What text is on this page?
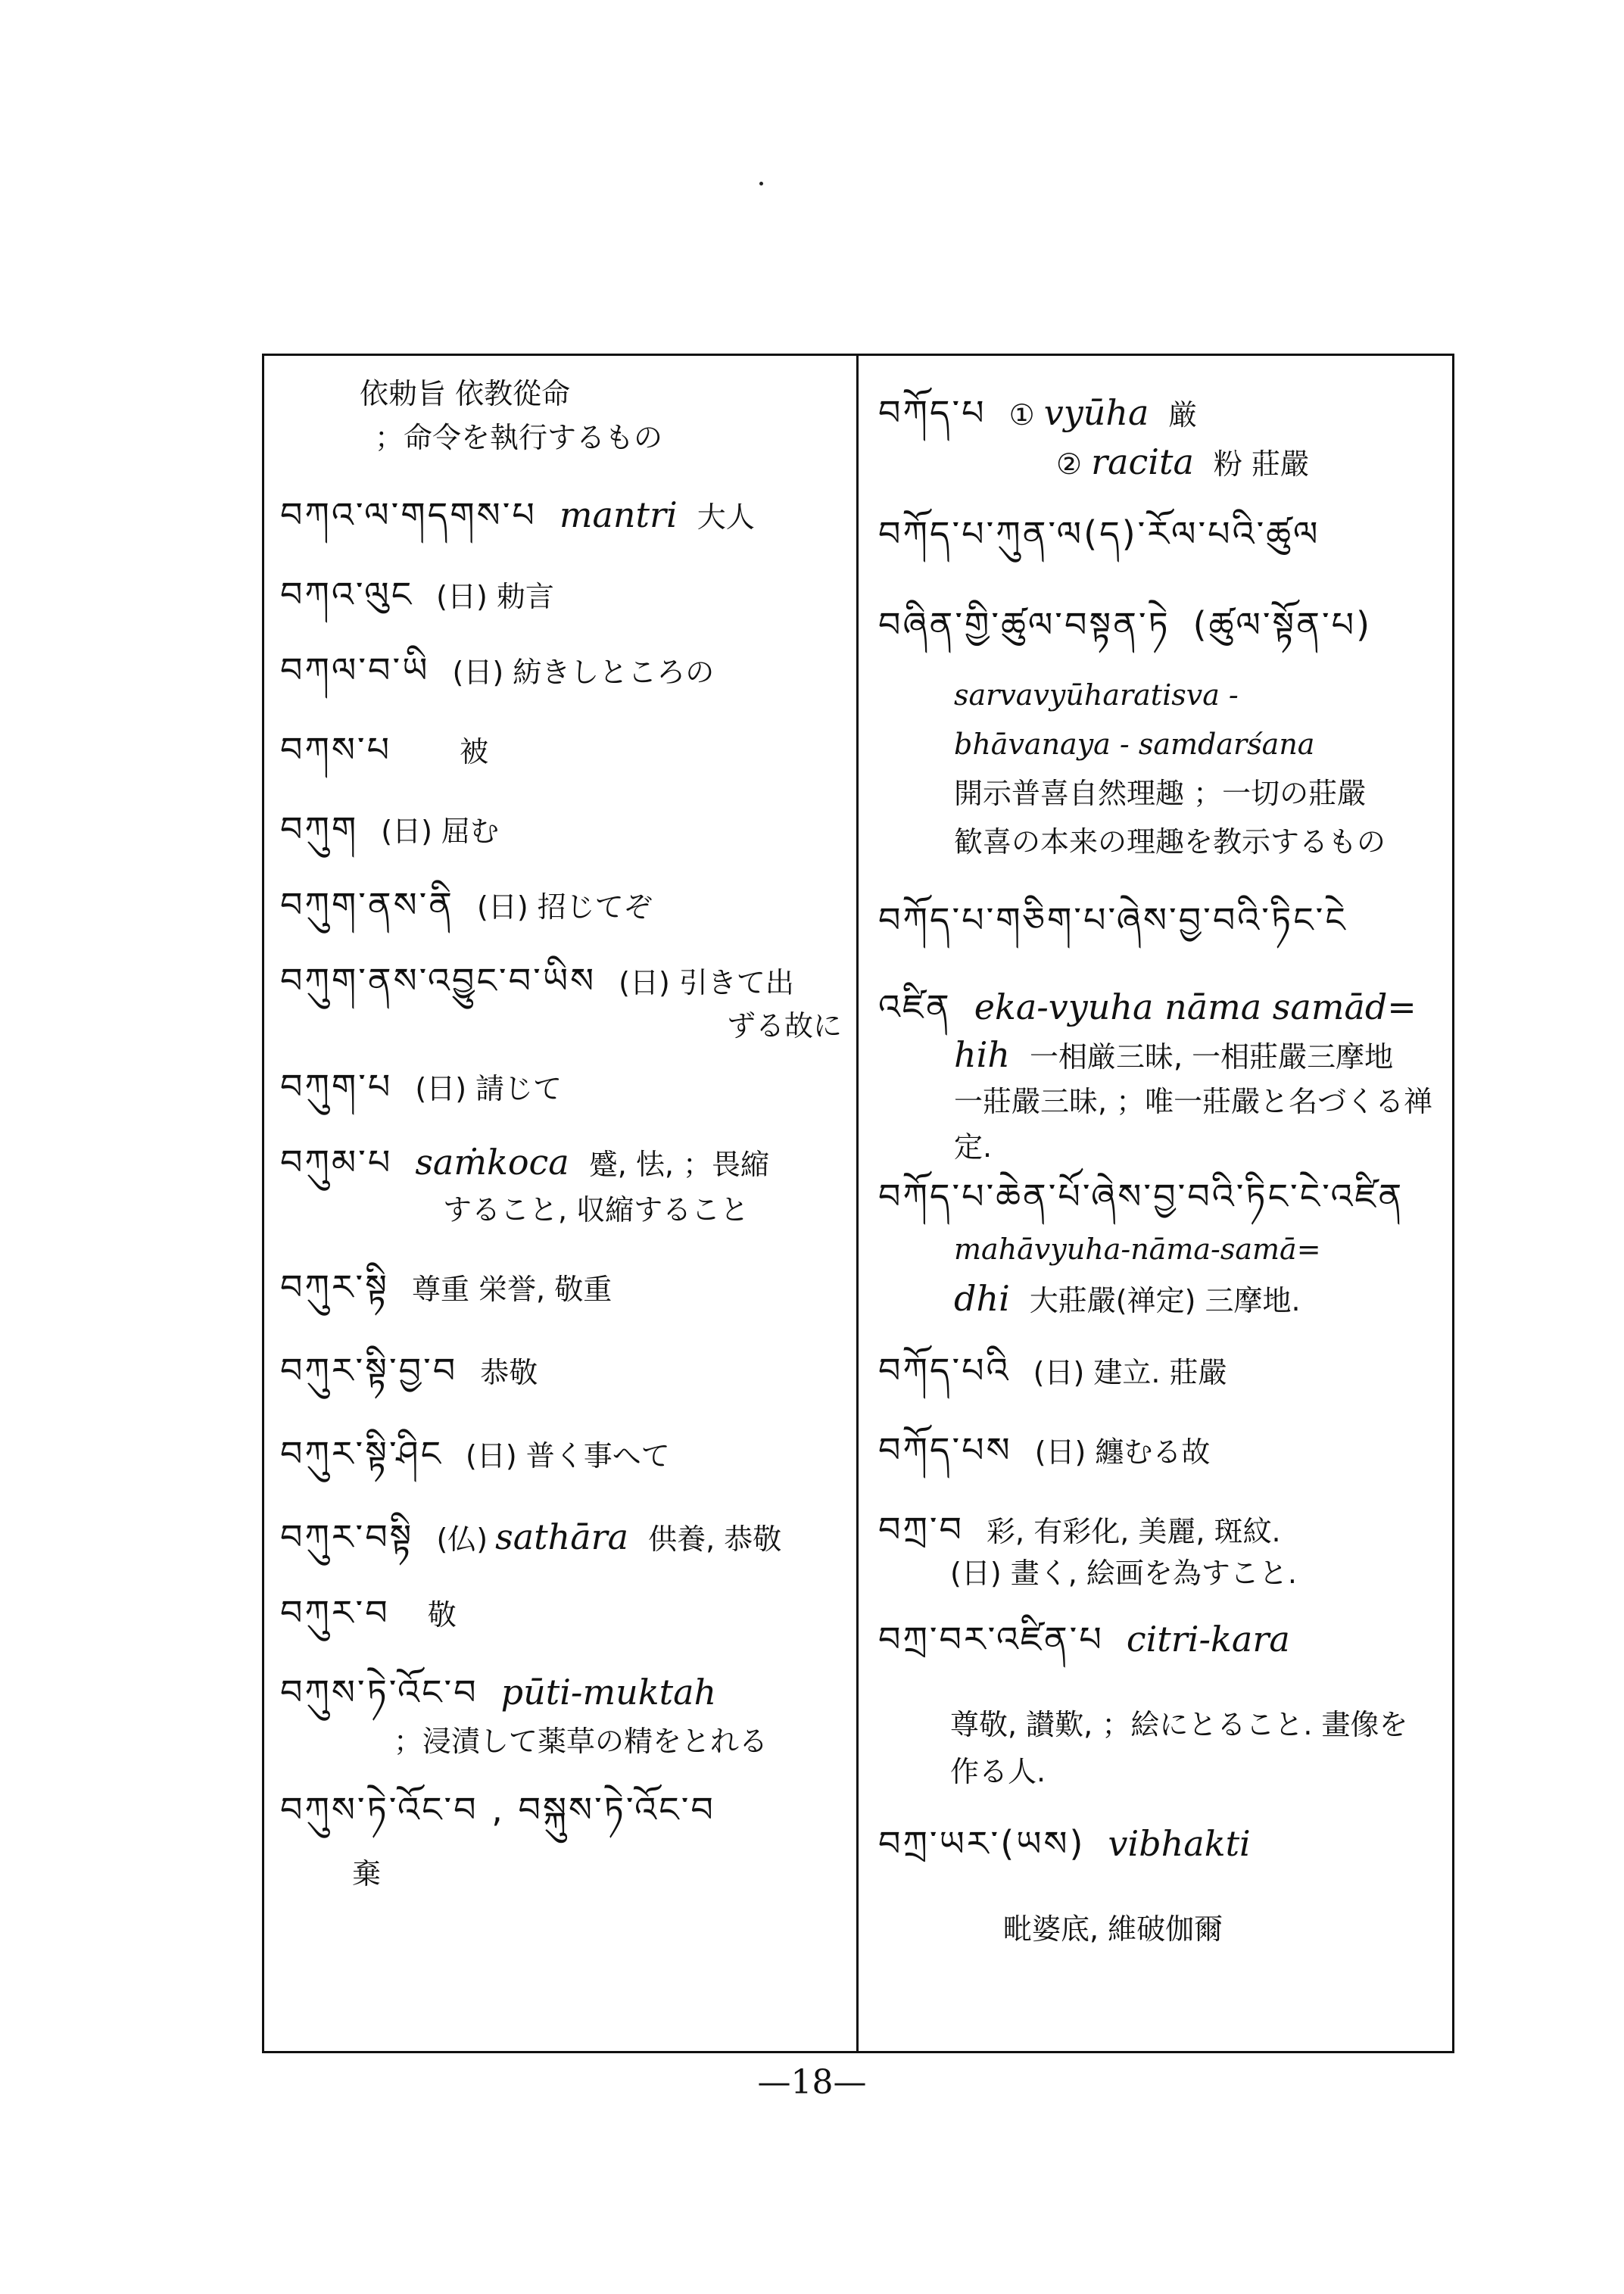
依勅旨 依教從命
；命令を執行するもの
བཀའ་ལ་གདགས་པ mantri 大人
བཀའ་ལུང (日) 勅言
བཀལ་བ་ཡི (日) 紡きしところの
བཀས་པ 被
བཀུག (日) 屈む
བཀུག་ནས་ནི (日) 招じてぞ
བཀུག་ནས་འབྱུང་བ་ཡིས (日) 引きて出
ずる故に
བཀུག་པ (日) 請じて
བཀུམ་པ saṁkoca 蹙, 怯, ；畏縮
すること, 収縮すること
བཀུར་སྟི 尊重 栄誉, 敬重
བཀུར་སྟི་བྱ་བ 恭敬
བཀུར་སྟི་ཤིང (日) 普く事へて
བཀུར་བསྟི (仏) sathāra 供養, 恭敬
བཀུར་བ 敬
བཀུས་ཏེ་འོང་བ pūti-muktah
；浸漬して薬草の精をとれる
བཀུས་ཏེ་འོང་བ , བསྐུས་ཏེ་འོང་བ
棄
བཀོད་པ ① vyūha 厳
② racita 粉 莊嚴
བཀོད་པ་ཀུན་ལ(ད)་རོལ་པའི་ཚུལ
བཞིན་གྱི་ཚུལ་བསྟན་ཏེ (ཚུལ་སྟོན་པ)
sarvavyūharatisva -
bhāvanaya - samdarśana
開示普喜自然理趣 ；一切の莊嚴
歓喜の本来の理趣を教示するもの
བཀོད་པ་གཅིག་པ་ཞེས་བྱ་བའི་ཏིང་ངེ
འཛིན eka-vyuha nāma samād=
hih 一相厳三昧, 一相莊嚴三摩地
一莊嚴三昧, ；唯一莊嚴と名づくる禅
定.
བཀོད་པ་ཆེན་པོ་ཞེས་བྱ་བའི་ཏིང་ངེ་འཛིན
mahāvyuha-nāma-samā=
dhi 大莊嚴(禅定) 三摩地.
བཀོད་པའི (日) 建立. 莊嚴
བཀོད་པས (日) 纏むる故
བཀྲ་བ 彩, 有彩化, 美麗, 斑紋.
(日) 畫く, 絵画を為すこと.
བཀྲ་བར་འཛིན་པ citri-kara
尊敬, 讃歎, ；絵にとること. 畫像を
作る人.
བཀྲ་ཡར་(ཡས) vibhakti
毗婆底, 維破伽爾
—18—
